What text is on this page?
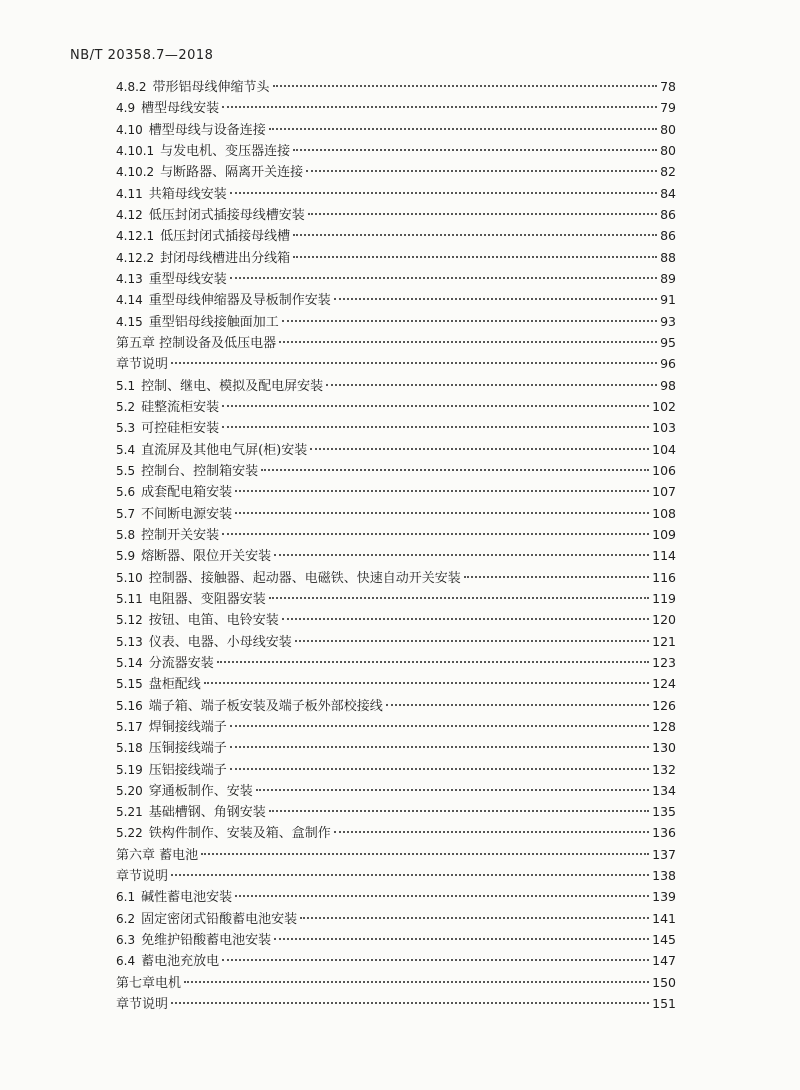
NB/T 20358.7—2018
4.8.2 带形铝母线伸缩节头	78
4.9 槽型母线安装	79
4.10 槽型母线与设备连接	80
4.10.1 与发电机、变压器连接	80
4.10.2 与断路器、隔离开关连接	82
4.11 共箱母线安装	84
4.12 低压封闭式插接母线槽安装	86
4.12.1 低压封闭式插接母线槽	86
4.12.2 封闭母线槽进出分线箱	88
4.13 重型母线安装	89
4.14 重型母线伸缩器及导板制作安装	91
4.15 重型铝母线接触面加工	93
第五章 控制设备及低压电器	95
章节说明	96
5.1 控制、继电、模拟及配电屏安装	98
5.2 硅整流柜安装	102
5.3 可控硅柜安装	103
5.4 直流屏及其他电气屏(柜)安装	104
5.5 控制台、控制箱安装	106
5.6 成套配电箱安装	107
5.7 不间断电源安装	108
5.8 控制开关安装	109
5.9 熔断器、限位开关安装	114
5.10 控制器、接触器、起动器、电磁铁、快速自动开关安装	116
5.11 电阻器、变阻器安装	119
5.12 按钮、电笛、电铃安装	120
5.13 仪表、电器、小母线安装	121
5.14 分流器安装	123
5.15 盘柜配线	124
5.16 端子箱、端子板安装及端子板外部校接线	126
5.17 焊铜接线端子	128
5.18 压铜接线端子	130
5.19 压铝接线端子	132
5.20 穿通板制作、安装	134
5.21 基础槽钢、角钢安装	135
5.22 铁构件制作、安装及箱、盒制作	136
第六章 蓄电池	137
章节说明	138
6.1 碱性蓄电池安装	139
6.2 固定密闭式铅酸蓄电池安装	141
6.3 免维护铅酸蓄电池安装	145
6.4 蓄电池充放电	147
第七章电机	150
章节说明	151
